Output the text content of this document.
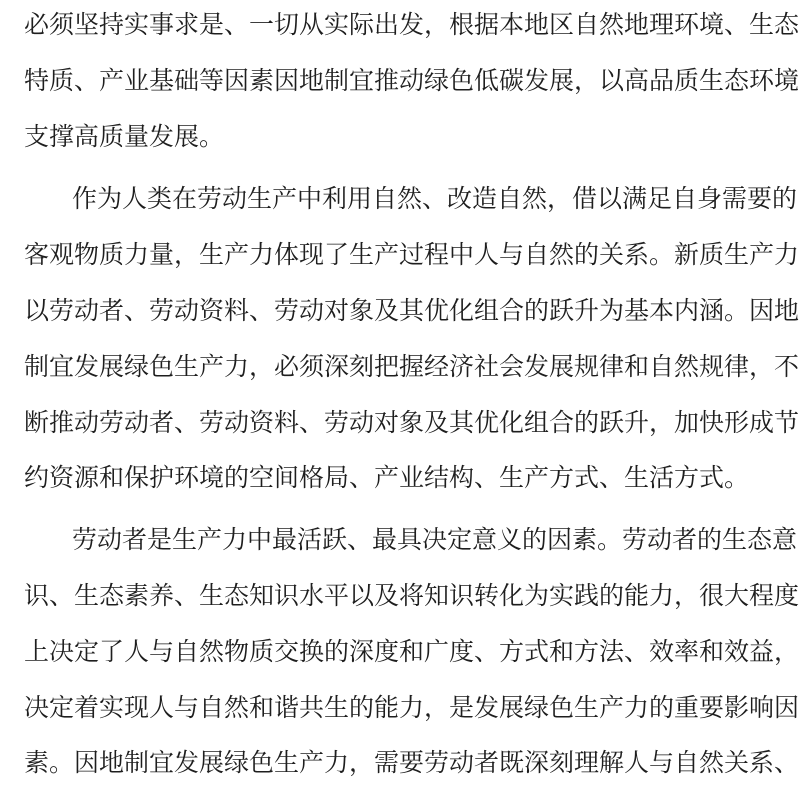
必须坚持实事求是、一切从实际出发，根据本地区自然地理环境、生态

特质、产业基础等因素因地制宜推动绿色低碳发展，以高品质生态环境

支撑高质量发展。

作为人类在劳动生产中利用自然、改造自然，借以满足自身需要的

客观物质力量，生产力体现了生产过程中人与自然的关系。新质生产力

以劳动者、劳动资料、劳动对象及其优化组合的跃升为基本内涵。因地

制宜发展绿色生产力，必须深刻把握经济社会发展规律和自然规律，不

断推动劳动者、劳动资料、劳动对象及其优化组合的跃升，加快形成节

约资源和保护环境的空间格局、产业结构、生产方式、生活方式。

劳动者是生产力中最活跃、最具决定意义的因素。劳动者的生态意

识、生态素养、生态知识水平以及将知识转化为实践的能力，很大程度

上决定了人与自然物质交换的深度和广度、方式和方法、效率和效益，

决定着实现人与自然和谐共生的能力，是发展绿色生产力的重要影响因

素。因地制宜发展绿色生产力，需要劳动者既深刻理解人与自然关系、
